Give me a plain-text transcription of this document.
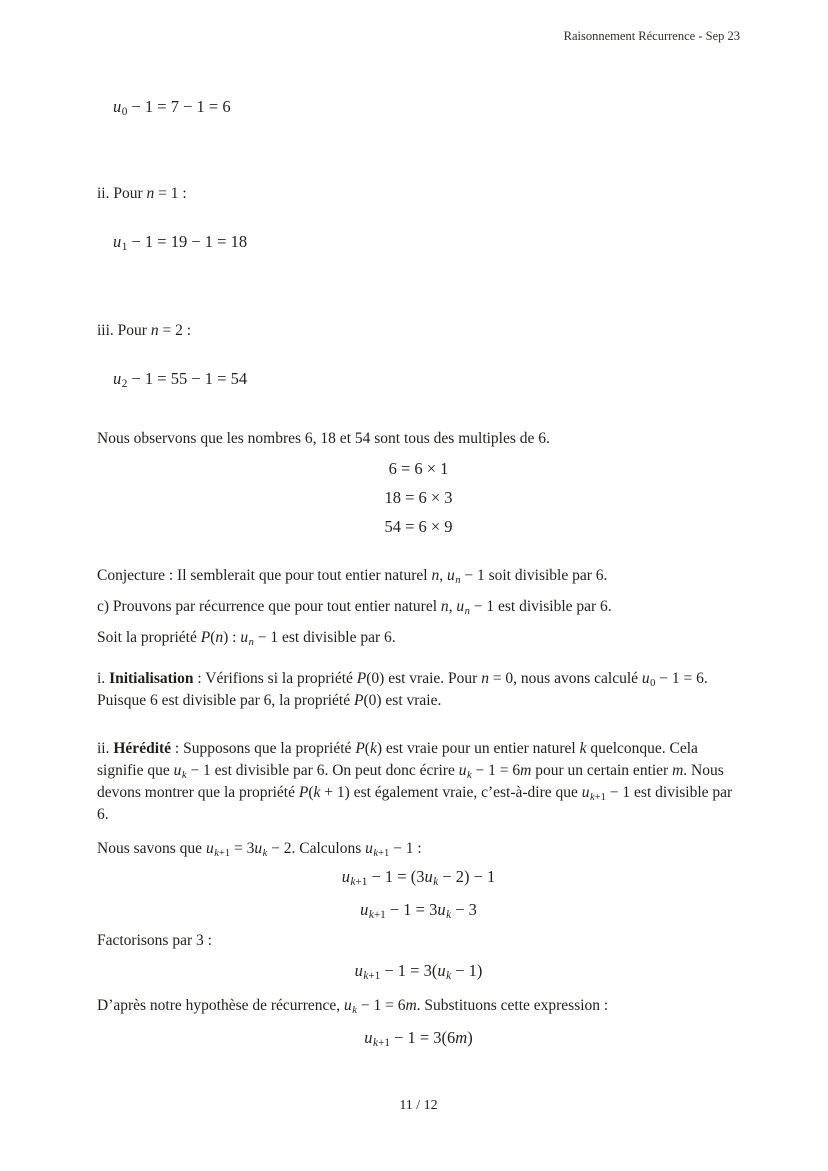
Raisonnement Récurrence - Sep 23
$u_0 - 1 = 7 - 1 = 6$
ii. Pour n = 1 :
$u_1 - 1 = 19 - 1 = 18$
iii. Pour n = 2 :
$u_2 - 1 = 55 - 1 = 54$
Nous observons que les nombres 6, 18 et 54 sont tous des multiples de 6.
6 = 6 × 1
18 = 6 × 3
54 = 6 × 9
Conjecture : Il semblerait que pour tout entier naturel n, $u_n - 1$ soit divisible par 6.
c) Prouvons par récurrence que pour tout entier naturel n, $u_n - 1$ est divisible par 6.
Soit la propriété P(n) : $u_n - 1$ est divisible par 6.
i. Initialisation : Vérifions si la propriété P(0) est vraie. Pour n = 0, nous avons calculé $u_0 - 1 = 6$. Puisque 6 est divisible par 6, la propriété P(0) est vraie.
ii. Hérédité : Supposons que la propriété P(k) est vraie pour un entier naturel k quelconque. Cela signifie que $u_k - 1$ est divisible par 6. On peut donc écrire $u_k - 1 = 6m$ pour un certain entier m. Nous devons montrer que la propriété P(k + 1) est également vraie, c’est-à-dire que $u_{k+1} - 1$ est divisible par 6.
Nous savons que $u_{k+1} = 3u_k - 2$. Calculons $u_{k+1} - 1$ :
$u_{k+1} - 1 = (3u_k - 2) - 1$
$u_{k+1} - 1 = 3u_k - 3$
Factorisons par 3 :
$u_{k+1} - 1 = 3(u_k - 1)$
D’après notre hypothèse de récurrence, $u_k - 1 = 6m$. Substituons cette expression :
$u_{k+1} - 1 = 3(6m)$
11 / 12
